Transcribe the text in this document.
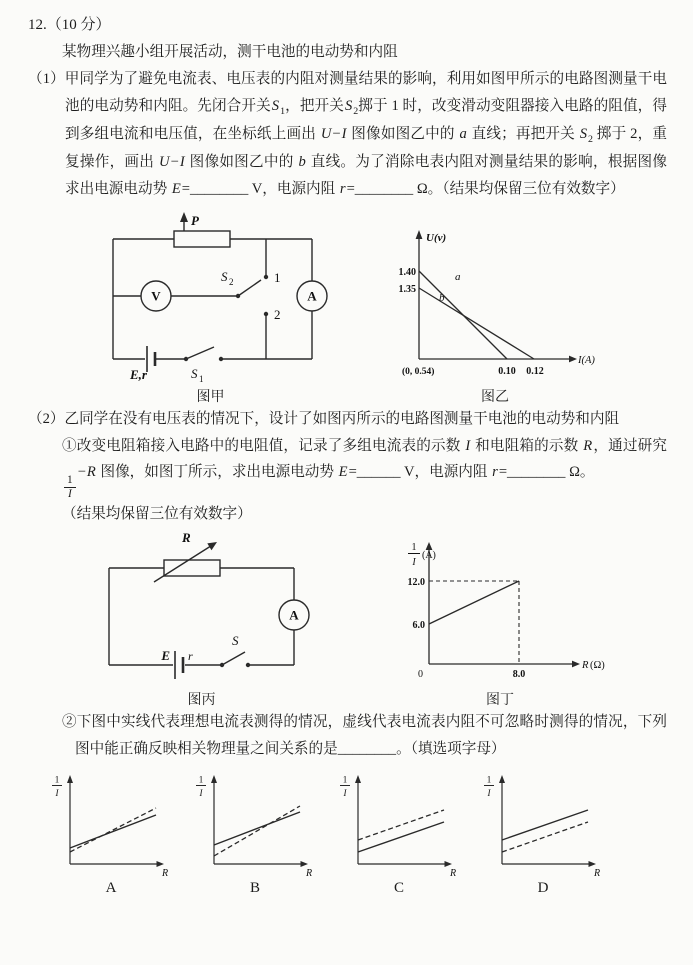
12.（10 分）
某物理兴趣小组开展活动，测干电池的电动势和内阻
（1）甲同学为了避免电流表、电压表的内阻对测量结果的影响，利用如图甲所示的电路图测量干电池的电动势和内阻。先闭合开关$S_1$，把开关$S_2$掷于 1 时，改变滑动变阻器接入电路的阻值，得到多组电流和电压值，在坐标纸上画出 U−I 图像如图乙中的 a 直线；再把开关 $S_2$ 掷于 2，重复操作，画出 U−I 图像如图乙中的 b 直线。为了消除电表内阻对测量结果的影响，根据图像求出电源电动势 E=________ V，电源内阻 r=________ Ω。（结果均保留三位有效数字）
P
V	A
S 2	1
2
E,r	S 1
图甲
U(v)
1.40
1.35
a
b
(0, 0.54)	0.10 0.12
I(A)
图乙
（2）乙同学在没有电压表的情况下，设计了如图丙所示的电路图测量干电池的电动势和内阻
①改变电阻箱接入电路中的电阻值，记录了多组电流表的示数 I 和电阻箱的示数 R，通过研究
$\frac{1}{I}$
−R 图像，如图丁所示，求出电源电动势 E=______ V，电源内阻 r=________ Ω。
（结果均保留三位有效数字）
R
A
E r
S
图丙
1
I
(A)
12.0
6.0
0	8.0
R (Ω)
图丁
②下图中实线代表理想电流表测得的情况，虚线代表电流表内阻不可忽略时测得的情况，下列图中能正确反映相关物理量之间关系的是________。（填选项字母）
1
I
R
A
1
I
R
B
1
I
R
C
1
I
R
D
